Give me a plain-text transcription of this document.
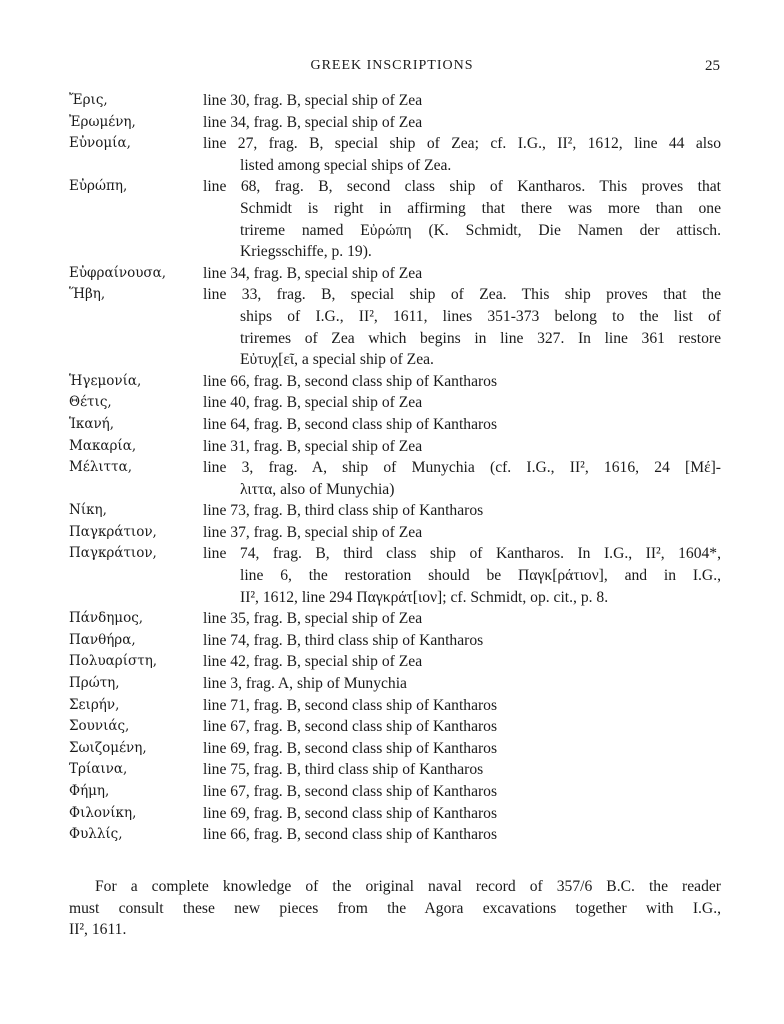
GREEK INSCRIPTIONS	25
Ἔρις,	line 30, frag. B, special ship of Zea
Ἐρωμένη,	line 34, frag. B, special ship of Zea
Εὐνομία,	line 27, frag. B, special ship of Zea; cf. I.G., II², 1612, line 44 also
listed among special ships of Zea.
Εὐρώπη,	line 68, frag. B, second class ship of Kantharos. This proves that
Schmidt is right in affirming that there was more than one
trireme named Εὐρώπη (K. Schmidt, Die Namen der attisch.
Kriegsschiffe, p. 19).
Εὐφραίνουσα,	line 34, frag. B, special ship of Zea
Ἥβη,	line 33, frag. B, special ship of Zea. This ship proves that the
ships of I.G., II², 1611, lines 351-373 belong to the list of
triremes of Zea which begins in line 327. In line 361 restore
Εὐτυχ[εῖ, a special ship of Zea.
Ἡγεμονία,	line 66, frag. B, second class ship of Kantharos
Θέτις,	line 40, frag. B, special ship of Zea
Ἱκανή,	line 64, frag. B, second class ship of Kantharos
Μακαρία,	line 31, frag. B, special ship of Zea
Μέλιττα,	line 3, frag. A, ship of Munychia (cf. I.G., II², 1616, 24 [Μέ]-
λιττα, also of Munychia)
Νίκη,	line 73, frag. B, third class ship of Kantharos
Παγκράτιον,	line 37, frag. B, special ship of Zea
Παγκράτιον,	line 74, frag. B, third class ship of Kantharos. In I.G., II², 1604*,
line 6, the restoration should be Παγκ[ράτιον], and in I.G.,
II², 1612, line 294 Παγκράτ[ιον]; cf. Schmidt, op. cit., p. 8.
Πάνδημος,	line 35, frag. B, special ship of Zea
Πανθήρα,	line 74, frag. B, third class ship of Kantharos
Πολυαρίστη,	line 42, frag. B, special ship of Zea
Πρώτη,	line 3, frag. A, ship of Munychia
Σειρήν,	line 71, frag. B, second class ship of Kantharos
Σουνιάς,	line 67, frag. B, second class ship of Kantharos
Σωιζομένη,	line 69, frag. B, second class ship of Kantharos
Τρίαινα,	line 75, frag. B, third class ship of Kantharos
Φήμη,	line 67, frag. B, second class ship of Kantharos
Φιλονίκη,	line 69, frag. B, second class ship of Kantharos
Φυλλίς,	line 66, frag. B, second class ship of Kantharos
For a complete knowledge of the original naval record of 357/6 B.C. the reader
must consult these new pieces from the Agora excavations together with I.G.,
II², 1611.
